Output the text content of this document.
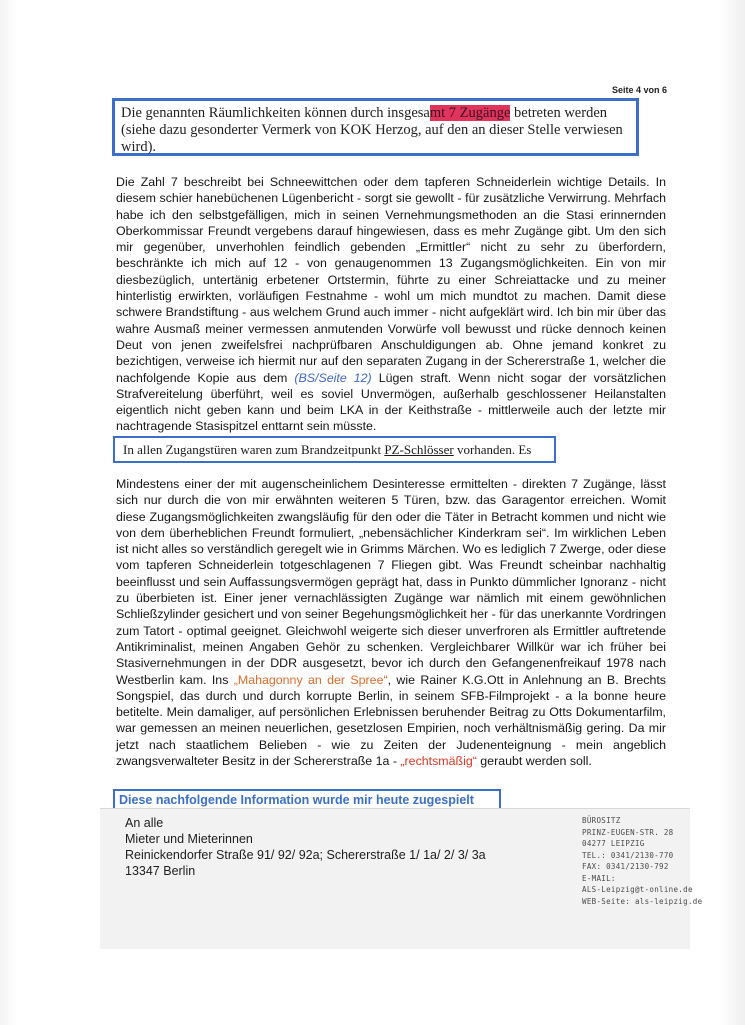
Seite 4 von 6
Die genannten Räumlichkeiten können durch insgesamt 7 Zugänge betreten werden (siehe dazu gesonderter Vermerk von KOK Herzog, auf den an dieser Stelle verwiesen wird).
Die Zahl 7 beschreibt bei Schneewittchen oder dem tapferen Schneiderlein wichtige Details. In diesem schier hanebüchenen Lügenbericht - sorgt sie gewollt - für zusätzliche Verwirrung. Mehrfach habe ich den selbstgefälligen, mich in seinen Vernehmungsmethoden an die Stasi erinnernden Oberkommissar Freundt vergebens darauf hingewiesen, dass es mehr Zugänge gibt. Um den sich mir gegenüber, unverhohlen feindlich gebenden „Ermittler“ nicht zu sehr zu überfordern, beschränkte ich mich auf 12 - von genaugenommen 13 Zugangsmöglichkeiten. Ein von mir diesbezüglich, untertänig erbetener Ortstermin, führte zu einer Schreiattacke und zu meiner hinterlistig erwirkten, vorläufigen Festnahme - wohl um mich mundtot zu machen. Damit diese schwere Brandstiftung - aus welchem Grund auch immer - nicht aufgeklärt wird. Ich bin mir über das wahre Ausmaß meiner vermessen anmutenden Vorwürfe voll bewusst und rücke dennoch keinen Deut von jenen zweifelsfrei nachprüfbaren Anschuldigungen ab. Ohne jemand konkret zu bezichtigen, verweise ich hiermit nur auf den separaten Zugang in der Schererstraße 1, welcher die nachfolgende Kopie aus dem (BS/Seite 12) Lügen straft. Wenn nicht sogar der vorsätzlichen Strafvereitelung überführt, weil es soviel Unvermögen, außerhalb geschlossener Heilanstalten eigentlich nicht geben kann und beim LKA in der Keithstraße - mittlerweile auch der letzte mir nachtragende Stasispitzel enttarnt sein müsste.
In allen Zugangstüren waren zum Brandzeitpunkt PZ-Schlösser vorhanden. Es
Mindestens einer der mit augenscheinlichem Desinteresse ermittelten - direkten 7 Zugänge, lässt sich nur durch die von mir erwähnten weiteren 5 Türen, bzw. das Garagentor erreichen. Womit diese Zugangsmöglichkeiten zwangsläufig für den oder die Täter in Betracht kommen und nicht wie von dem überheblichen Freundt formuliert, „nebensächlicher Kinderkram sei“. Im wirklichen Leben ist nicht alles so verständlich geregelt wie in Grimms Märchen. Wo es lediglich 7 Zwerge, oder diese vom tapferen Schneiderlein totgeschlagenen 7 Fliegen gibt. Was Freundt scheinbar nachhaltig beeinflusst und sein Auffassungsvermögen geprägt hat, dass in Punkto dümmlicher Ignoranz - nicht zu überbieten ist. Einer jener vernachlässigten Zugänge war nämlich mit einem gewöhnlichen Schließzylinder gesichert und von seiner Begehungsmöglichkeit her - für das unerkannte Vordringen zum Tatort - optimal geeignet. Gleichwohl weigerte sich dieser unverfroren als Ermittler auftretende Antikriminalist, meinen Angaben Gehör zu schenken. Vergleichbarer Willkür war ich früher bei Stasivernehmungen in der DDR ausgesetzt, bevor ich durch den Gefangenenfreikauf 1978 nach Westberlin kam. Ins „Mahagonny an der Spree“, wie Rainer K.G.Ott in Anlehnung an B. Brechts Songspiel, das durch und durch korrupte Berlin, in seinem SFB-Filmprojekt - a la bonne heure betitelte. Mein damaliger, auf persönlichen Erlebnissen beruhender Beitrag zu Otts Dokumentarfilm, war gemessen an meinen neuerlichen, gesetzlosen Empirien, noch verhältnismäßig gering. Da mir jetzt nach staatlichem Belieben - wie zu Zeiten der Judenenteignung - mein angeblich zwangsverwalteter Besitz in der Schererstraße 1a - „rechtsmäßig“ geraubt werden soll.
Diese nachfolgende Information wurde mir heute zugespielt
An alle
Mieter und Mieterinnen
Reinickendorfer Straße 91/ 92/ 92a; Schererstraße 1/ 1a/ 2/ 3/ 3a
13347 Berlin
BÜROSITZ
PRINZ-EUGEN-STR. 28
04277 LEIPZIG
TEL.: 0341/2130-770
FAX: 0341/2130-792
E-MAIL:
ALS-Leipzig@t-online.de
WEB-Seite: als-leipzig.de
